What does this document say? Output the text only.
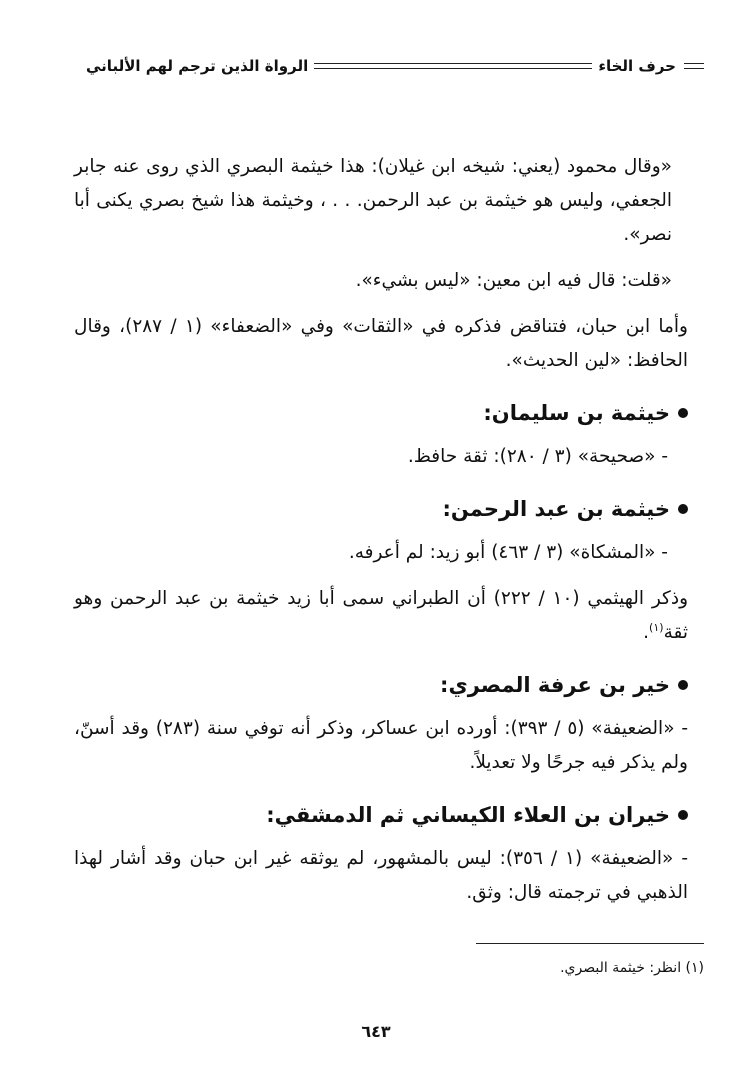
حرف الخاء
الرواة الذين ترجم لهم الألباني

«وقال محمود (يعني: شيخه ابن غيلان): هذا خيثمة البصري الذي روى عنه جابر الجعفي، وليس هو خيثمة بن عبد الرحمن. . . ، وخيثمة هذا شيخ بصري يكنى أبا نصر».

«قلت: قال فيه ابن معين: «ليس بشيء».

وأما ابن حبان، فتناقض فذكره في «الثقات» وفي «الضعفاء» (١ / ٢٨٧)، وقال الحافظ: «لين الحديث».

خيثمة بن سليمان:

- «صحيحة» (٣ / ٢٨٠): ثقة حافظ.

خيثمة بن عبد الرحمن:

- «المشكاة» (٣ / ٤٦٣) أبو زيد: لم أعرفه.

وذكر الهيثمي (١٠ / ٢٢٢) أن الطبراني سمى أبا زيد خيثمة بن عبد الرحمن وهو ثقة$^{(١)}$.

خير بن عرفة المصري:

- «الضعيفة» (٥ / ٣٩٣): أورده ابن عساكر، وذكر أنه توفي سنة (٢٨٣) وقد أسنّ، ولم يذكر فيه جرحًا ولا تعديلاً.

خيران بن العلاء الكيساني ثم الدمشقي:

- «الضعيفة» (١ / ٣٥٦): ليس بالمشهور، لم يوثقه غير ابن حبان وقد أشار لهذا الذهبي في ترجمته قال: وثق.

(١) انظر: خيثمة البصري.
٦٤٣
